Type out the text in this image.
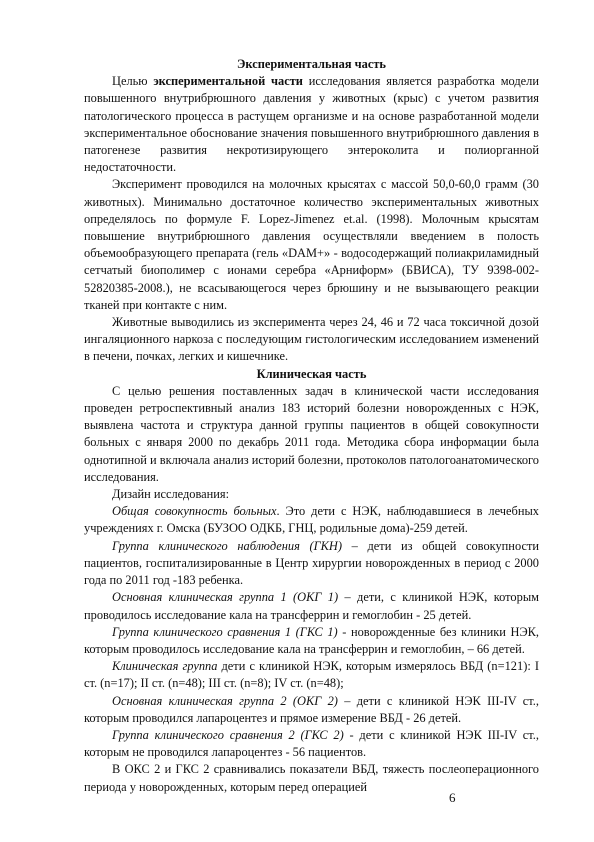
Экспериментальная часть

Целью экспериментальной части исследования является разработка модели повышенного внутрибрюшного давления у животных (крыс) с учетом развития патологического процесса в растущем организме и на основе разработанной модели экспериментальное обоснование значения повышенного внутрибрюшного давления в патогенезе развития некротизирующего энтероколита и полиорганной недостаточности.

Эксперимент проводился на молочных крысятах с массой 50,0-60,0 грамм (30 животных). Минимально достаточное количество экспериментальных животных определялось по формуле F. Lopez-Jimenez et.al. (1998). Молочным крысятам повышение внутрибрюшного давления осуществляли введением в полость объемообразующего препарата (гель «DAM+» - водосодержащий полиакриламидный сетчатый биополимер с ионами серебра «Арниформ» (БВИСА), ТУ 9398-002-52820385-2008.), не всасывающегося через брюшину и не вызывающего реакции тканей при контакте с ним.

Животные выводились из эксперимента через 24, 46 и 72 часа токсичной дозой ингаляционного наркоза с последующим гистологическим исследованием изменений в печени, почках, легких и кишечнике.

Клиническая часть

С целью решения поставленных задач в клинической части исследования проведен ретроспективный анализ 183 историй болезни новорожденных с НЭК, выявлена частота и структура данной группы пациентов в общей совокупности больных с января 2000 по декабрь 2011 года. Методика сбора информации была однотипной и включала анализ историй болезни, протоколов патологоанатомического исследования.

Дизайн исследования:

Общая совокупность больных. Это дети с НЭК, наблюдавшиеся в лечебных учреждениях г. Омска (БУЗОО ОДКБ, ГНЦ, родильные дома)-259 детей.

Группа клинического наблюдения (ГКН) – дети из общей совокупности пациентов, госпитализированные в Центр хирургии новорожденных в период с 2000 года по 2011 год -183 ребенка.

Основная клиническая группа 1 (ОКГ 1) – дети, с клиникой НЭК, которым проводилось исследование кала на трансферрин и гемоглобин - 25 детей.

Группа клинического сравнения 1 (ГКС 1) - новорожденные без клиники НЭК, которым проводилось исследование кала на трансферрин и гемоглобин, – 66 детей.

Клиническая группа дети с клиникой НЭК, которым измерялось ВБД (n=121): I ст. (n=17); II ст. (n=48); III ст. (n=8); IV ст. (n=48);

Основная клиническая группа 2 (ОКГ 2) – дети с клиникой НЭК III-IV ст., которым проводился лапароцентез и прямое измерение ВБД - 26 детей.

Группа клинического сравнения 2 (ГКС 2) - дети с клиникой НЭК III-IV ст., которым не проводился лапароцентез - 56 пациентов.

В ОКС 2 и ГКС 2 сравнивались показатели ВБД, тяжесть послеоперационного периода у новорожденных, которым перед операцией

6
